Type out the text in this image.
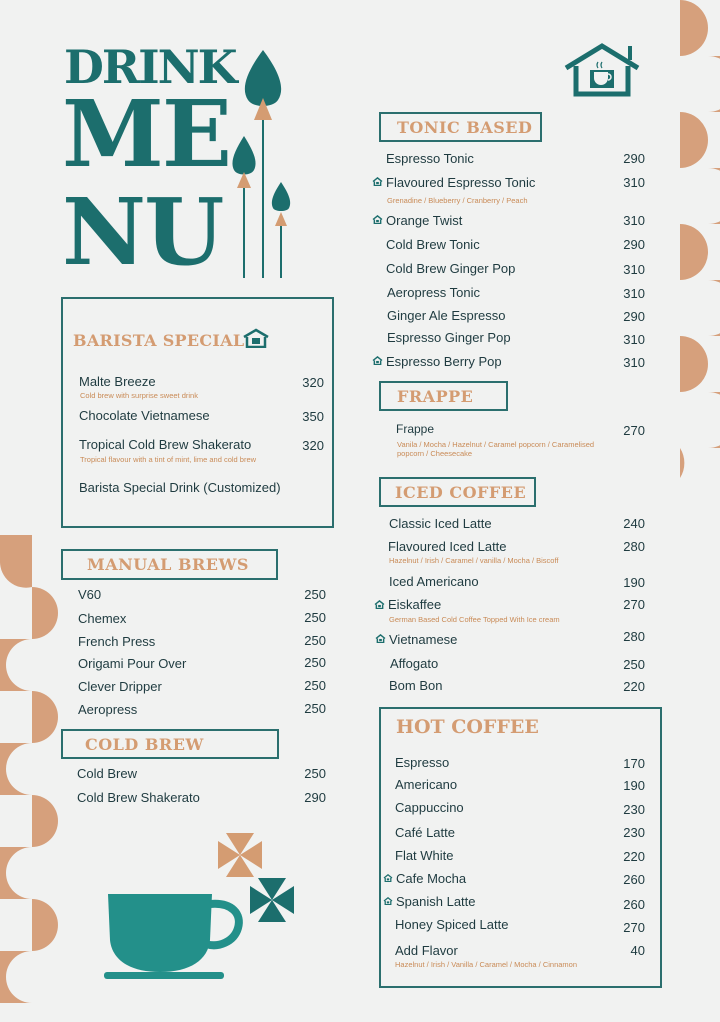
DRINK
ME
NU
BARISTA SPECIAL
Malte Breeze	320
Cold brew with surprise sweet drink
Chocolate Vietnamese	350
Tropical Cold Brew Shakerato	320
Tropical flavour with a tint of mint, lime and cold brew
Barista Special Drink (Customized)
MANUAL BREWS
V60	250
Chemex	250
French Press	250
Origami Pour Over	250
Clever Dripper	250
Aeropress	250
COLD BREW
Cold Brew	250
Cold Brew Shakerato	290
TONIC BASED
Espresso Tonic	290
Flavoured Espresso Tonic	310
Grenadine / Blueberry / Cranberry / Peach
Orange Twist	310
Cold Brew Tonic	290
Cold Brew Ginger Pop	310
Aeropress Tonic	310
Ginger Ale Espresso	290
Espresso Ginger Pop	310
Espresso Berry Pop	310
FRAPPE
Frappe	270
Vanila / Mocha / Hazelnut / Caramel popcorn / Caramelised
popcorn / Cheesecake
ICED COFFEE
Classic Iced Latte	240
Flavoured Iced Latte	280
Hazelnut / Irish / Caramel / vanilla / Mocha / Biscoff
Iced Americano	190
Eiskaffee	270
German Based Cold Coffee Topped With Ice cream
Vietnamese	280
Affogato	250
Bom Bon	220
HOT COFFEE
Espresso	170
Americano	190
Cappuccino	230
Café Latte	230
Flat White	220
Cafe Mocha	260
Spanish Latte	260
Honey Spiced Latte	270
Add Flavor	40
Hazelnut / Irish / Vanilla / Caramel / Mocha / Cinnamon
